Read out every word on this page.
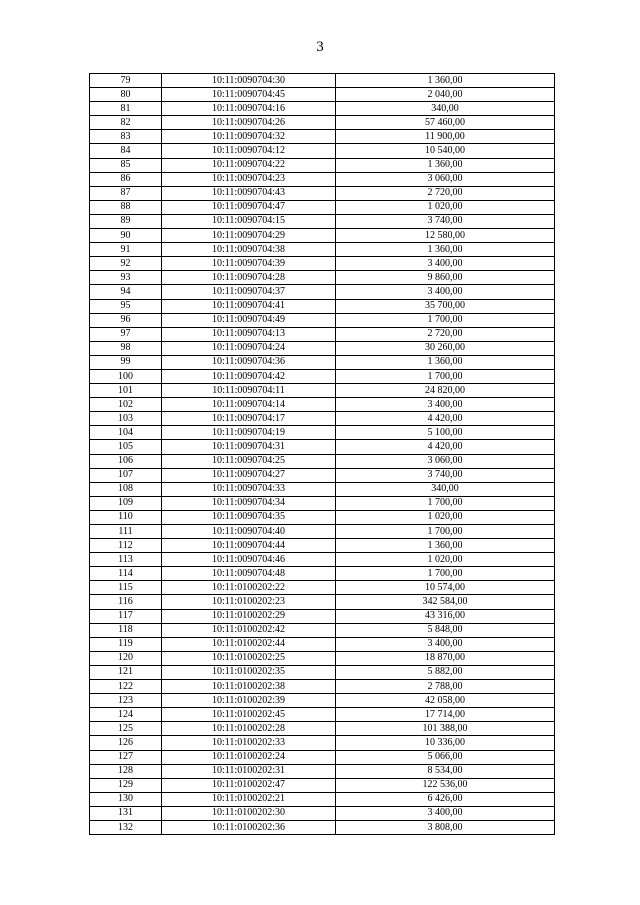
3
79	10:11:0090704:30	1 360,00
80	10:11:0090704:45	2 040,00
81	10:11:0090704:16	340,00
82	10:11:0090704:26	57 460,00
83	10:11:0090704:32	11 900,00
84	10:11:0090704:12	10 540,00
85	10:11:0090704:22	1 360,00
86	10:11:0090704:23	3 060,00
87	10:11:0090704:43	2 720,00
88	10:11:0090704:47	1 020,00
89	10:11:0090704:15	3 740,00
90	10:11:0090704:29	12 580,00
91	10:11:0090704:38	1 360,00
92	10:11:0090704:39	3 400,00
93	10:11:0090704:28	9 860,00
94	10:11:0090704:37	3 400,00
95	10:11:0090704:41	35 700,00
96	10:11:0090704:49	1 700,00
97	10:11:0090704:13	2 720,00
98	10:11:0090704:24	30 260,00
99	10:11:0090704:36	1 360,00
100	10:11:0090704:42	1 700,00
101	10:11:0090704:11	24 820,00
102	10:11:0090704:14	3 400,00
103	10:11:0090704:17	4 420,00
104	10:11:0090704:19	5 100,00
105	10:11:0090704:31	4 420,00
106	10:11:0090704:25	3 060,00
107	10:11:0090704:27	3 740,00
108	10:11:0090704:33	340,00
109	10:11:0090704:34	1 700,00
110	10:11:0090704:35	1 020,00
111	10:11:0090704:40	1 700,00
112	10:11:0090704:44	1 360,00
113	10:11:0090704:46	1 020,00
114	10:11:0090704:48	1 700,00
115	10:11:0100202:22	10 574,00
116	10:11:0100202:23	342 584,00
117	10:11:0100202:29	43 316,00
118	10:11:0100202:42	5 848,00
119	10:11:0100202:44	3 400,00
120	10:11:0100202:25	18 870,00
121	10:11:0100202:35	5 882,00
122	10:11:0100202:38	2 788,00
123	10:11:0100202:39	42 058,00
124	10:11:0100202:45	17 714,00
125	10:11:0100202:28	101 388,00
126	10:11:0100202:33	10 336,00
127	10:11:0100202:24	5 066,00
128	10:11:0100202:31	8 534,00
129	10:11:0100202:47	122 536,00
130	10:11:0100202:21	6 426,00
131	10:11:0100202:30	3 400,00
132	10:11:0100202:36	3 808,00
